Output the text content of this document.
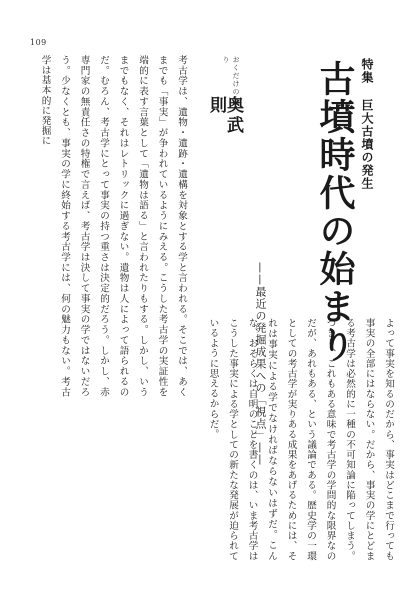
109
特集 巨大古墳の発生
古墳時代の始まり
——最近の発掘成果への「視点」——
おくだけのり
奥武則
考古学は、遺物・遺跡・遺構を対象とする学と言われる。そこでは、あくまでも「事実」が争われているようにみえる。こうした考古学の実証性を端的に表す言葉として「遺物は語る」と言われたりもする。しかし、いうまでもなく、それはレトリックに過ぎない。遺物は人によって語られるのだ。むろん、考古学にとって事実の持つ重さは決定的だろう。しかし、赤専門家の無責任さの特権で言えば、考古学は決して事実の学ではないだろう。少なくとも、事実の学に終始する考古学には、何の魅力もない。考古学は基本的に発掘に
よって事実を知るのだから、事実はどこまで行っても事実の全部にはならない。だから、事実の学にとどまる考古学は必然的に一種の不可知論に陥ってしまう。つまり、これもある意味で考古学の学問的な限界なのだが、あれもある、という議論である。歴史学の一環としての考古学が実りある成果をあげるためには、それは事実による学でなければならないはずだ。こんな、おそらくは自明のことを書くのは、いま考古学はこうした事実による学としての新たな発展が迫られているように思えるからだ。
